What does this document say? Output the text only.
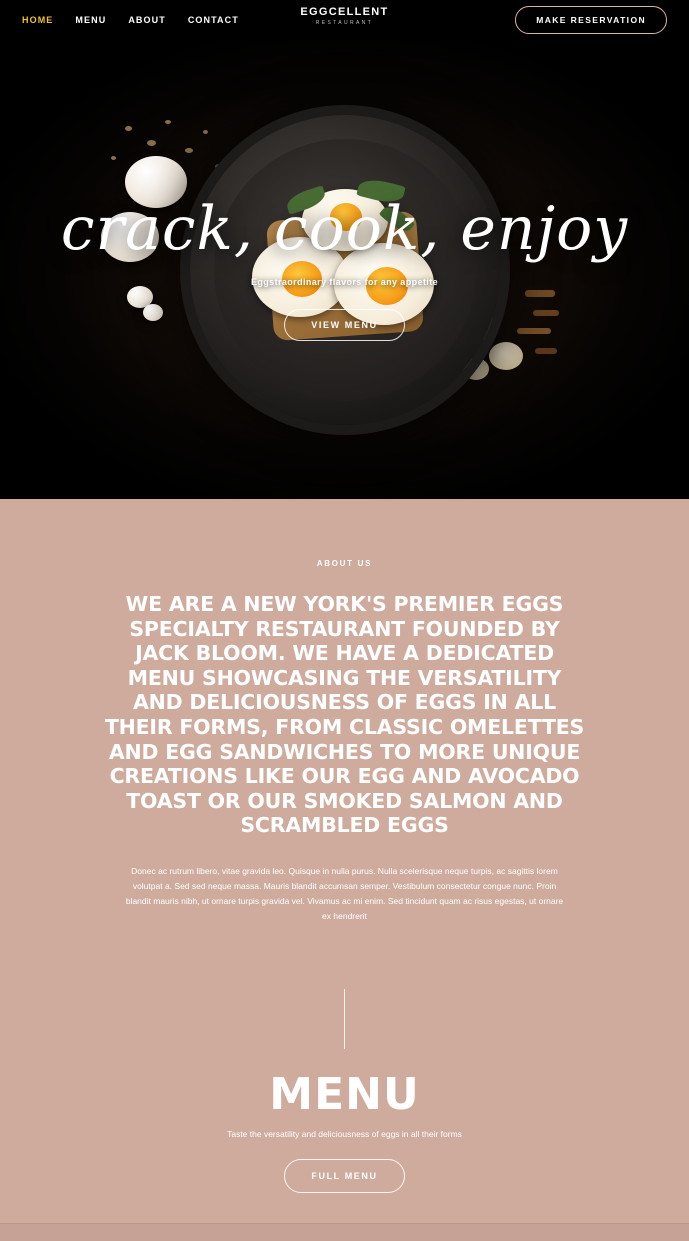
HOME MENU ABOUT CONTACT
EGGCELLENT
RESTAURANT	MAKE RESERVATION
crack, cook, enjoy
Eggstraordinary flavors for any appetite
VIEW MENU
ABOUT US
WE ARE A NEW YORK'S PREMIER EGGS SPECIALTY RESTAURANT FOUNDED BY JACK BLOOM. WE HAVE A DEDICATED MENU SHOWCASING THE VERSATILITY AND DELICIOUSNESS OF EGGS IN ALL THEIR FORMS, FROM CLASSIC OMELETTES AND EGG SANDWICHES TO MORE UNIQUE CREATIONS LIKE OUR EGG AND AVOCADO TOAST OR OUR SMOKED SALMON AND SCRAMBLED EGGS

Donec ac rutrum libero, vitae gravida leo. Quisque in nulla purus. Nulla scelerisque neque turpis, ac sagittis lorem volutpat a. Sed sed neque massa. Mauris blandit accumsan semper. Vestibulum consectetur congue nunc. Proin blandit mauris nibh, ut ornare turpis gravida vel. Vivamus ac mi enim. Sed tincidunt quam ac risus egestas, ut ornare ex hendrerit

MENU
Taste the versatility and deliciousness of eggs in all their forms
FULL MENU
